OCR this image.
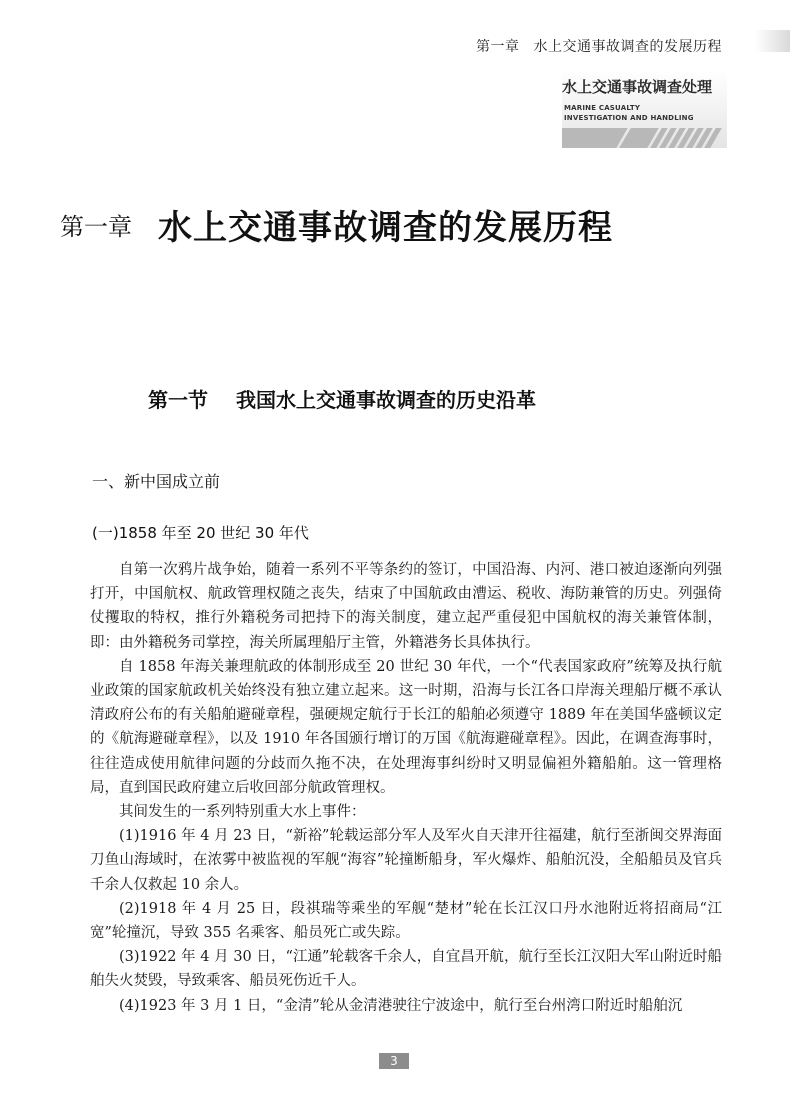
第一章 水上交通事故调查的发展历程
水上交通事故调查处理
MARINE CASUALTY
INVESTIGATION AND HANDLING
第一章 水上交通事故调查的发展历程
第一节 我国水上交通事故调查的历史沿革
一、新中国成立前
(一)1858 年至 20 世纪 30 年代

自第一次鸦片战争始，随着一系列不平等条约的签订，中国沿海、内河、港口被迫逐渐向列强打开，中国航权、航政管理权随之丧失，结束了中国航政由漕运、税收、海防兼管的历史。列强倚仗攫取的特权，推行外籍税务司把持下的海关制度，建立起严重侵犯中国航权的海关兼管体制，即：由外籍税务司掌控，海关所属理船厅主管，外籍港务长具体执行。

自 1858 年海关兼理航政的体制形成至 20 世纪 30 年代，一个“代表国家政府”统筹及执行航业政策的国家航政机关始终没有独立建立起来。这一时期，沿海与长江各口岸海关理船厅概不承认清政府公布的有关船舶避碰章程，强硬规定航行于长江的船舶必须遵守 1889 年在美国华盛顿议定的《航海避碰章程》，以及 1910 年各国颁行增订的万国《航海避碰章程》。因此，在调查海事时，往往造成使用航律问题的分歧而久拖不决，在处理海事纠纷时又明显偏袒外籍船舶。这一管理格局，直到国民政府建立后收回部分航政管理权。

其间发生的一系列特别重大水上事件：

(1)1916 年 4 月 23 日，“新裕”轮载运部分军人及军火自天津开往福建，航行至浙闽交界海面刀鱼山海域时，在浓雾中被监视的军舰“海容”轮撞断船身，军火爆炸、船舶沉没，全船船员及官兵千余人仅救起 10 余人。

(2)1918 年 4 月 25 日，段祺瑞等乘坐的军舰“楚材”轮在长江汉口丹水池附近将招商局“江宽”轮撞沉，导致 355 名乘客、船员死亡或失踪。

(3)1922 年 4 月 30 日，“江通”轮载客千余人，自宜昌开航，航行至长江汉阳大军山附近时船舶失火焚毁，导致乘客、船员死伤近千人。

(4)1923 年 3 月 1 日，“金清”轮从金清港驶往宁波途中，航行至台州湾口附近时船舶沉

3
